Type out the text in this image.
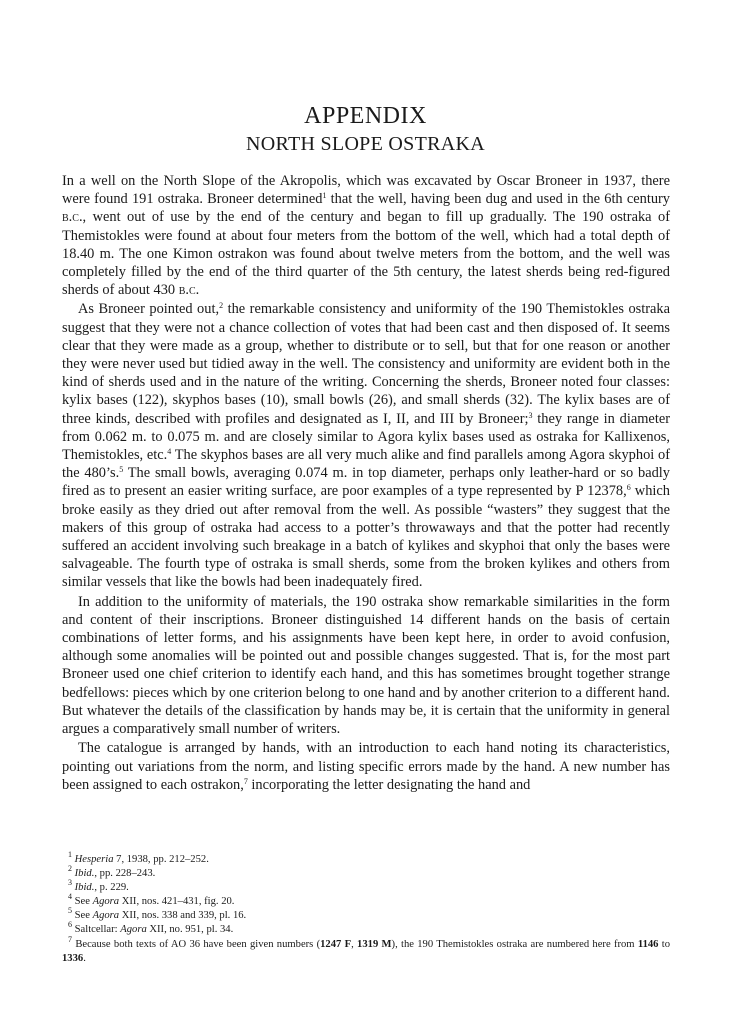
APPENDIX
NORTH SLOPE OSTRAKA

In a well on the North Slope of the Akropolis, which was excavated by Oscar Broneer in 1937, there were found 191 ostraka. Broneer determined$^1$ that the well, having been dug and used in the 6th century b.c., went out of use by the end of the century and began to fill up gradually. The 190 ostraka of Themistokles were found at about four meters from the bottom of the well, which had a total depth of 18.40 m. The one Kimon ostrakon was found about twelve meters from the bottom, and the well was completely filled by the end of the third quarter of the 5th century, the latest sherds being red-figured sherds of about 430 b.c.

As Broneer pointed out,$^2$ the remarkable consistency and uniformity of the 190 Themistokles ostraka suggest that they were not a chance collection of votes that had been cast and then disposed of. It seems clear that they were made as a group, whether to distribute or to sell, but that for one reason or another they were never used but tidied away in the well. The consistency and uniformity are evident both in the kind of sherds used and in the nature of the writing. Concerning the sherds, Broneer noted four classes: kylix bases (122), skyphos bases (10), small bowls (26), and small sherds (32). The kylix bases are of three kinds, described with profiles and designated as I, II, and III by Broneer;$^3$ they range in diameter from 0.062 m. to 0.075 m. and are closely similar to Agora kylix bases used as ostraka for Kallixenos, Themistokles, etc.$^4$ The skyphos bases are all very much alike and find parallels among Agora skyphoi of the 480’s.$^5$ The small bowls, averaging 0.074 m. in top diameter, perhaps only leather-hard or so badly fired as to present an easier writing surface, are poor examples of a type represented by P 12378,$^6$ which broke easily as they dried out after removal from the well. As possible “wasters” they suggest that the makers of this group of ostraka had access to a potter’s throwaways and that the potter had recently suffered an accident involving such breakage in a batch of kylikes and skyphoi that only the bases were salvageable. The fourth type of ostraka is small sherds, some from the broken kylikes and others from similar vessels that like the bowls had been inadequately fired.

In addition to the uniformity of materials, the 190 ostraka show remarkable similarities in the form and content of their inscriptions. Broneer distinguished 14 different hands on the basis of certain combinations of letter forms, and his assignments have been kept here, in order to avoid confusion, although some anomalies will be pointed out and possible changes suggested. That is, for the most part Broneer used one chief criterion to identify each hand, and this has sometimes brought together strange bedfellows: pieces which by one criterion belong to one hand and by another criterion to a different hand. But whatever the details of the classification by hands may be, it is certain that the uniformity in general argues a comparatively small number of writers.

The catalogue is arranged by hands, with an introduction to each hand noting its characteristics, pointing out variations from the norm, and listing specific errors made by the hand. A new number has been assigned to each ostrakon,$^7$ incorporating the letter designating the hand and

$^1$ Hesperia 7, 1938, pp. 212–252.

$^2$ Ibid., pp. 228–243.

$^3$ Ibid., p. 229.

$^4$ See Agora XII, nos. 421–431, fig. 20.

$^5$ See Agora XII, nos. 338 and 339, pl. 16.

$^6$ Saltcellar: Agora XII, no. 951, pl. 34.

$^7$ Because both texts of AO 36 have been given numbers (1247 F, 1319 M), the 190 Themistokles ostraka are numbered here from 1146 to 1336.
